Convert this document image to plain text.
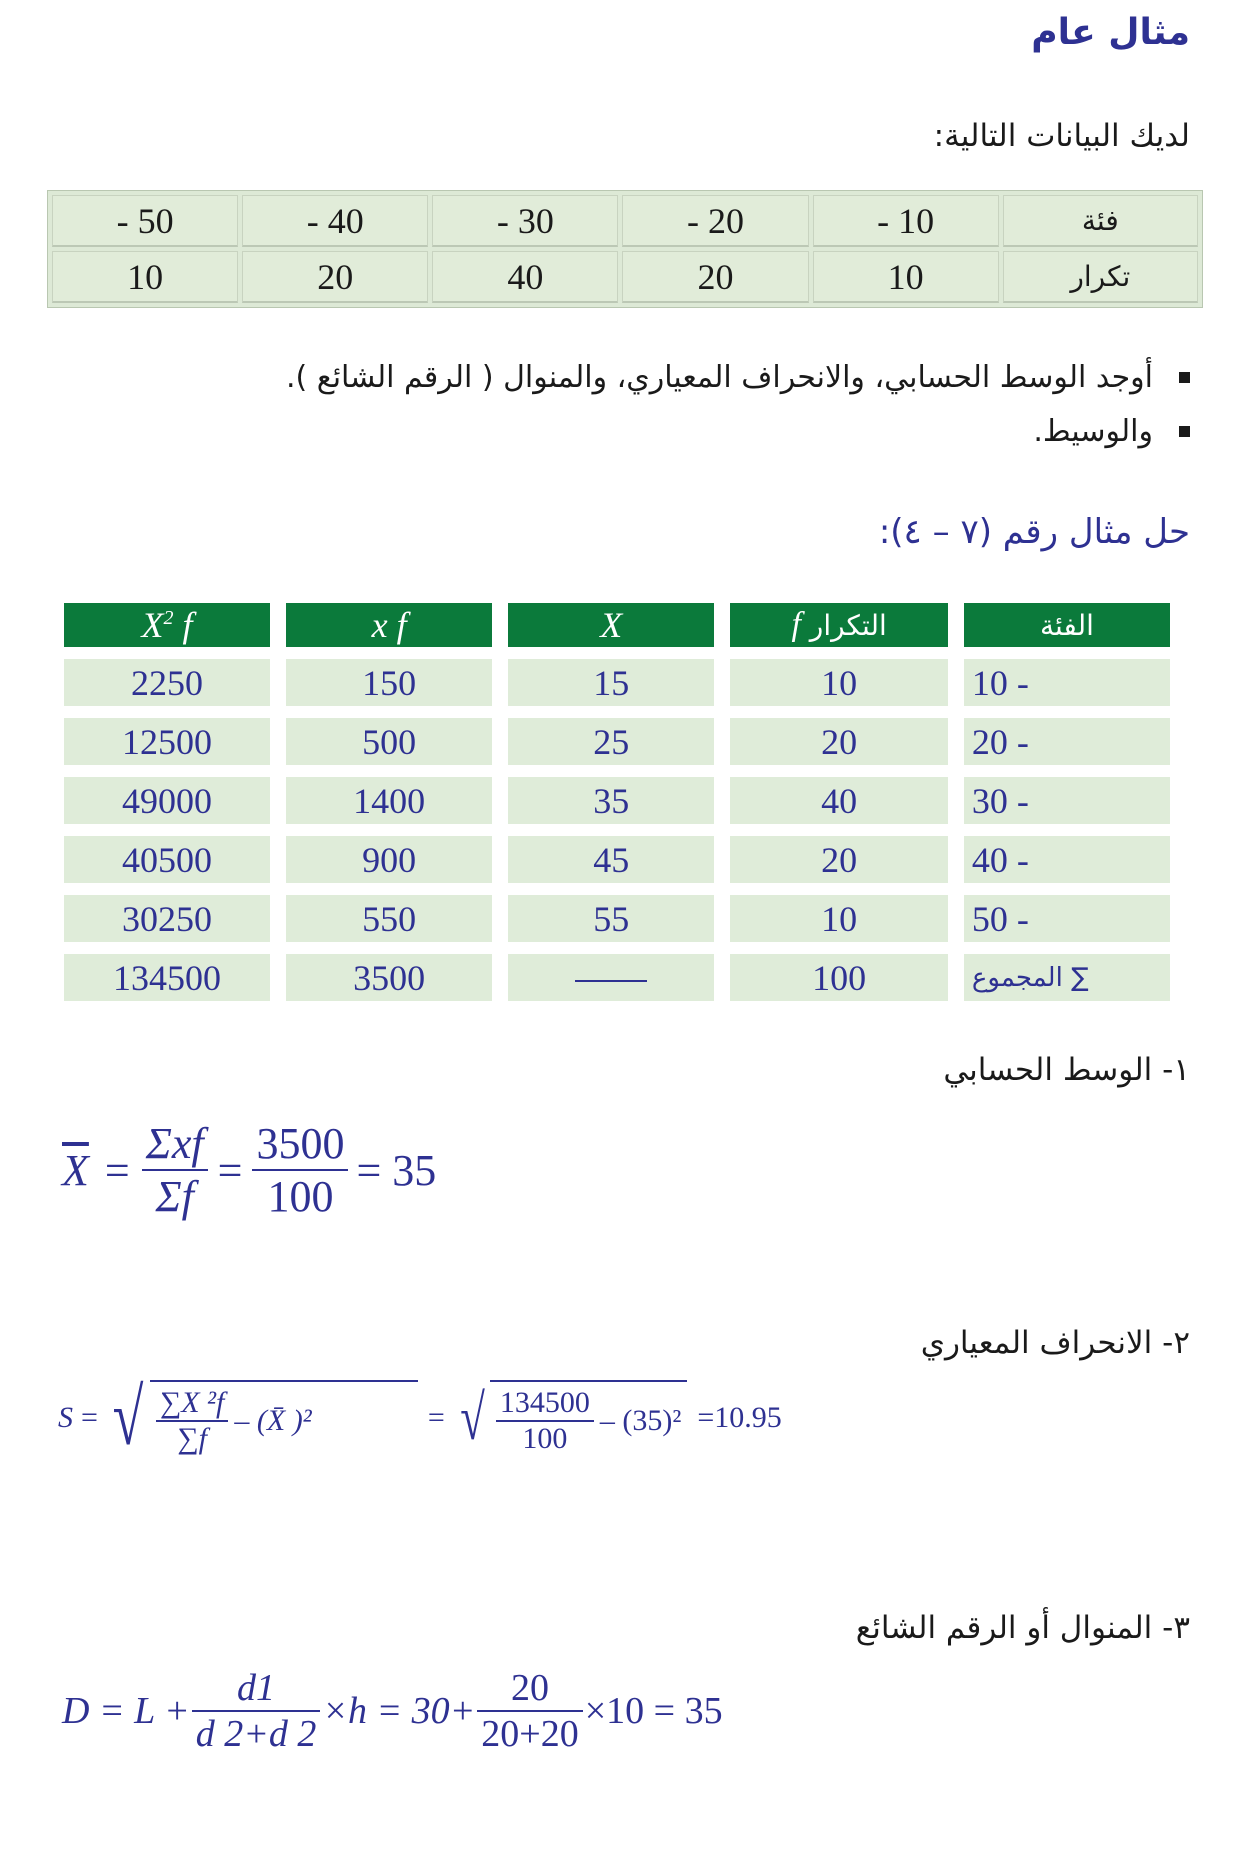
مثال عام
لديك البيانات التالية:
فئة	10 -	20 -	30 -	40 -	50 -
تكرار	10	20	40	20	10
أوجد الوسط الحسابي، والانحراف المعياري، والمنوال ( الرقم الشائع ).
والوسيط.
حل مثال رقم (٧ – ٤):
الفئة	التكرار f	X	x f	$X^2$ f
10 -	10	15	150	2250
20 -	20	25	500	12500
30 -	40	35	1400	49000
40 -	20	45	900	40500
50 -	10	55	550	30250
∑ المجموع	100		3500	134500
١- الوسط الحسابي
$\overline{X} = \frac{\text{Σxf}}{\Sigma f} = \frac{3500}{100} = 35$
٢- الانحراف المعياري
S = √ $\frac{\text{∑X ²f}}{\sum f}$ – (X̄ )²	= √ $\frac{134500}{100} - (35)^2 =10.95$
٣- المنوال أو الرقم الشائع
$D = L + \frac{d1}{d 2+d 2} \times h = 30+ \frac{20}{20+20} \times 10 = 35$
